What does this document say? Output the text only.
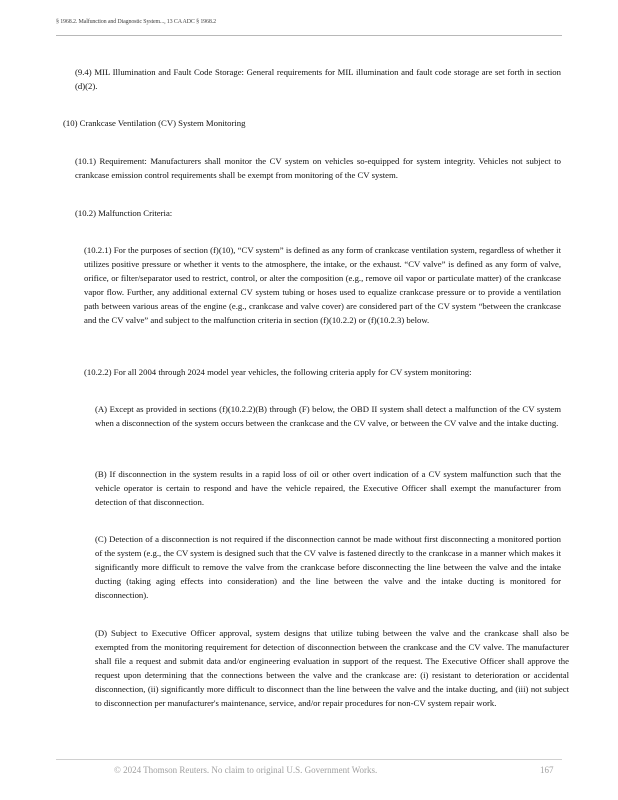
§ 1968.2. Malfunction and Diagnostic System..., 13 CA ADC § 1968.2

(9.4) MIL Illumination and Fault Code Storage: General requirements for MIL illumination and fault code storage are set forth in section (d)(2).

(10) Crankcase Ventilation (CV) System Monitoring

(10.1) Requirement: Manufacturers shall monitor the CV system on vehicles so-equipped for system integrity. Vehicles not subject to crankcase emission control requirements shall be exempt from monitoring of the CV system.

(10.2) Malfunction Criteria:

(10.2.1) For the purposes of section (f)(10), “CV system” is defined as any form of crankcase ventilation system, regardless of whether it utilizes positive pressure or whether it vents to the atmosphere, the intake, or the exhaust. “CV valve” is defined as any form of valve, orifice, or filter/separator used to restrict, control, or alter the composition (e.g., remove oil vapor or particulate matter) of the crankcase vapor flow. Further, any additional external CV system tubing or hoses used to equalize crankcase pressure or to provide a ventilation path between various areas of the engine (e.g., crankcase and valve cover) are considered part of the CV system “between the crankcase and the CV valve” and subject to the malfunction criteria in section (f)(10.2.2) or (f)(10.2.3) below.

(10.2.2) For all 2004 through 2024 model year vehicles, the following criteria apply for CV system monitoring:

(A) Except as provided in sections (f)(10.2.2)(B) through (F) below, the OBD II system shall detect a malfunction of the CV system when a disconnection of the system occurs between the crankcase and the CV valve, or between the CV valve and the intake ducting.

(B) If disconnection in the system results in a rapid loss of oil or other overt indication of a CV system malfunction such that the vehicle operator is certain to respond and have the vehicle repaired, the Executive Officer shall exempt the manufacturer from detection of that disconnection.

(C) Detection of a disconnection is not required if the disconnection cannot be made without first disconnecting a monitored portion of the system (e.g., the CV system is designed such that the CV valve is fastened directly to the crankcase in a manner which makes it significantly more difficult to remove the valve from the crankcase before disconnecting the line between the valve and the intake ducting (taking aging effects into consideration) and the line between the valve and the intake ducting is monitored for disconnection).

(D) Subject to Executive Officer approval, system designs that utilize tubing between the valve and the crankcase shall also be exempted from the monitoring requirement for detection of disconnection between the crankcase and the CV valve. The manufacturer shall file a request and submit data and/or engineering evaluation in support of the request. The Executive Officer shall approve the request upon determining that the connections between the valve and the crankcase are: (i) resistant to deterioration or accidental disconnection, (ii) significantly more difficult to disconnect than the line between the valve and the intake ducting, and (iii) not subject to disconnection per manufacturer's maintenance, service, and/or repair procedures for non-CV system repair work.

© 2024 Thomson Reuters. No claim to original U.S. Government Works.	167
